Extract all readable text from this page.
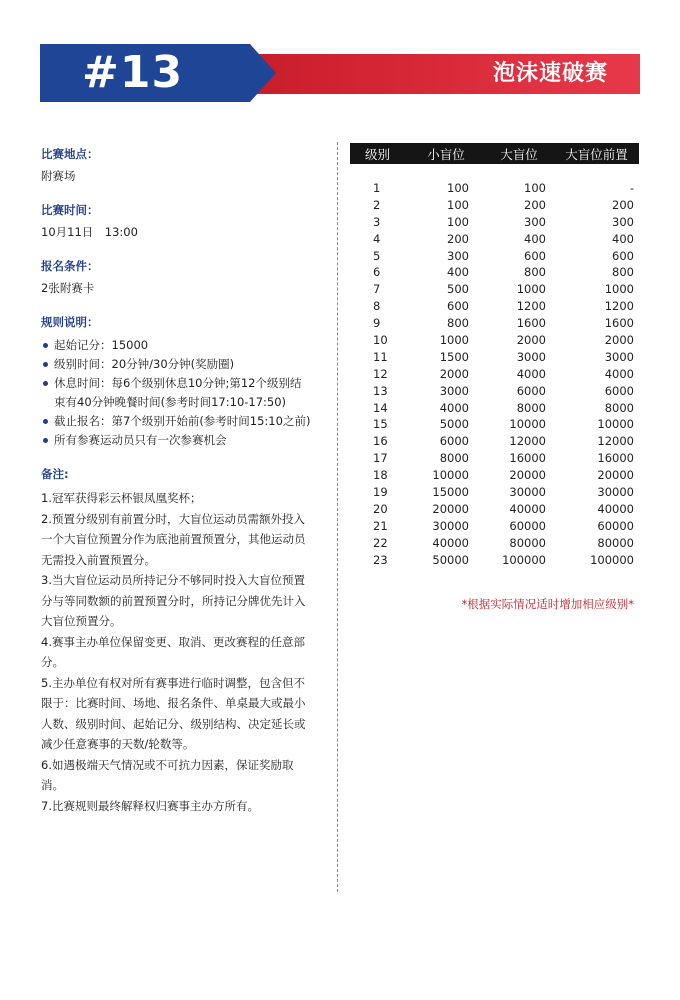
#13	泡沫速破赛

比赛地点：

附赛场

比赛时间：

10月11日　13:00

报名条件：

2张附赛卡

规则说明：

起始记分：15000
级别时间：20分钟/30分钟(奖励圈)
休息时间：每6个级别休息10分钟;第12个级别结束有40分钟晚餐时间(参考时间17:10-17:50)
截止报名：第7个级别开始前(参考时间15:10之前)
所有参赛运动员只有一次参赛机会

备注:

1.冠军获得彩云杯银凤凰奖杯；

2.预置分级别有前置分时，大盲位运动员需额外投入一个大盲位预置分作为底池前置预置分，其他运动员无需投入前置预置分。

3.当大盲位运动员所持记分不够同时投入大盲位预置分与等同数额的前置预置分时，所持记分牌优先计入大盲位预置分。

4.赛事主办单位保留变更、取消、更改赛程的任意部分。

5.主办单位有权对所有赛事进行临时调整，包含但不限于：比赛时间、场地、报名条件、单桌最大或最小人数、级别时间、起始记分、级别结构、决定延长或减少任意赛事的天数/轮数等。

6.如遇极端天气情况或不可抗力因素，保证奖励取消。

7.比赛规则最终解释权归赛事主办方所有。

级别	小盲位	大盲位	大盲位前置
1	100	100	-
2	100	200	200
3	100	300	300
4	200	400	400
5	300	600	600
6	400	800	800
7	500	1000	1000
8	600	1200	1200
9	800	1600	1600
10	1000	2000	2000
11	1500	3000	3000
12	2000	4000	4000
13	3000	6000	6000
14	4000	8000	8000
15	5000	10000	10000
16	6000	12000	12000
17	8000	16000	16000
18	10000	20000	20000
19	15000	30000	30000
20	20000	40000	40000
21	30000	60000	60000
22	40000	80000	80000
23	50000	100000	100000
*根据实际情况适时增加相应级别*
